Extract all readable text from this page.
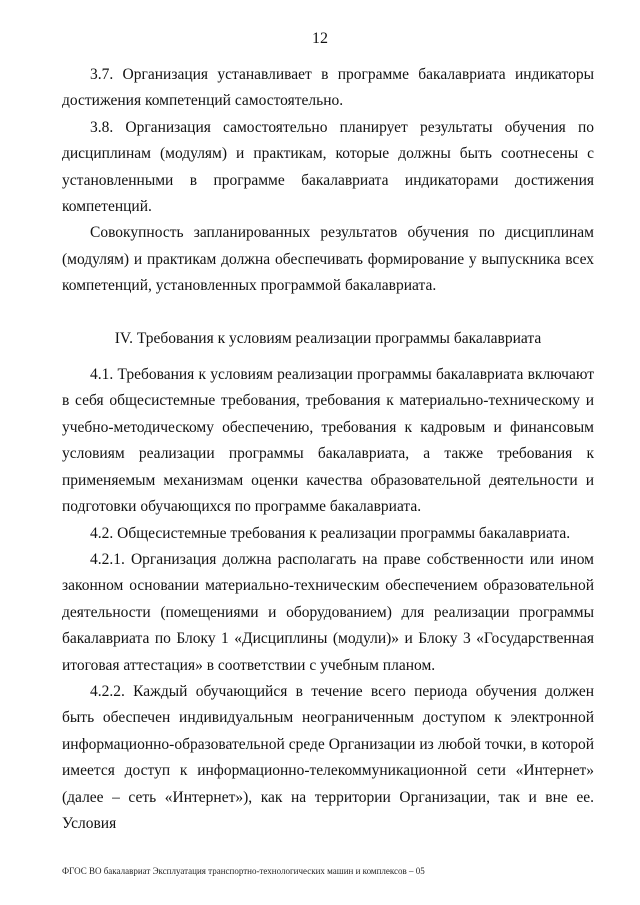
12

3.7. Организация устанавливает в программе бакалавриата индикаторы достижения компетенций самостоятельно.

3.8. Организация самостоятельно планирует результаты обучения по дисциплинам (модулям) и практикам, которые должны быть соотнесены с установленными в программе бакалавриата индикаторами достижения компетенций.

Совокупность запланированных результатов обучения по дисциплинам (модулям) и практикам должна обеспечивать формирование у выпускника всех компетенций, установленных программой бакалавриата.

IV. Требования к условиям реализации программы бакалавриата

4.1. Требования к условиям реализации программы бакалавриата включают в себя общесистемные требования, требования к материально-техническому и учебно-методическому обеспечению, требования к кадровым и финансовым условиям реализации программы бакалавриата, а также требования к применяемым механизмам оценки качества образовательной деятельности и подготовки обучающихся по программе бакалавриата.

4.2. Общесистемные требования к реализации программы бакалавриата.

4.2.1. Организация должна располагать на праве собственности или ином законном основании материально-техническим обеспечением образовательной деятельности (помещениями и оборудованием) для реализации программы бакалавриата по Блоку 1 «Дисциплины (модули)» и Блоку 3 «Государственная итоговая аттестация» в соответствии с учебным планом.

4.2.2. Каждый обучающийся в течение всего периода обучения должен быть обеспечен индивидуальным неограниченным доступом к электронной информационно-образовательной среде Организации из любой точки, в которой имеется доступ к информационно-телекоммуникационной сети «Интернет» (далее – сеть «Интернет»), как на территории Организации, так и вне ее. Условия

ФГОС ВО бакалавриат Эксплуатация транспортно-технологических машин и комплексов – 05
